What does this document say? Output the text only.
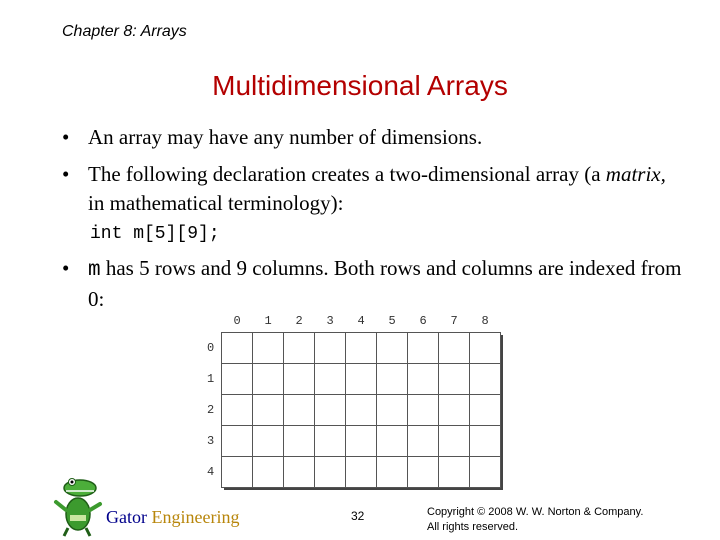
Chapter 8: Arrays
Multidimensional Arrays
• An array may have any number of dimensions.
• The following declaration creates a two-dimensional array (a matrix, in mathematical terminology):
int m[5][9];
• m has 5 rows and 9 columns. Both rows and columns are indexed from 0:
0 1 2 3 4 5 6 7 8
0
1
2
3
4
Gator Engineering	32	Copyright © 2008 W. W. Norton & Company.
All rights reserved.
